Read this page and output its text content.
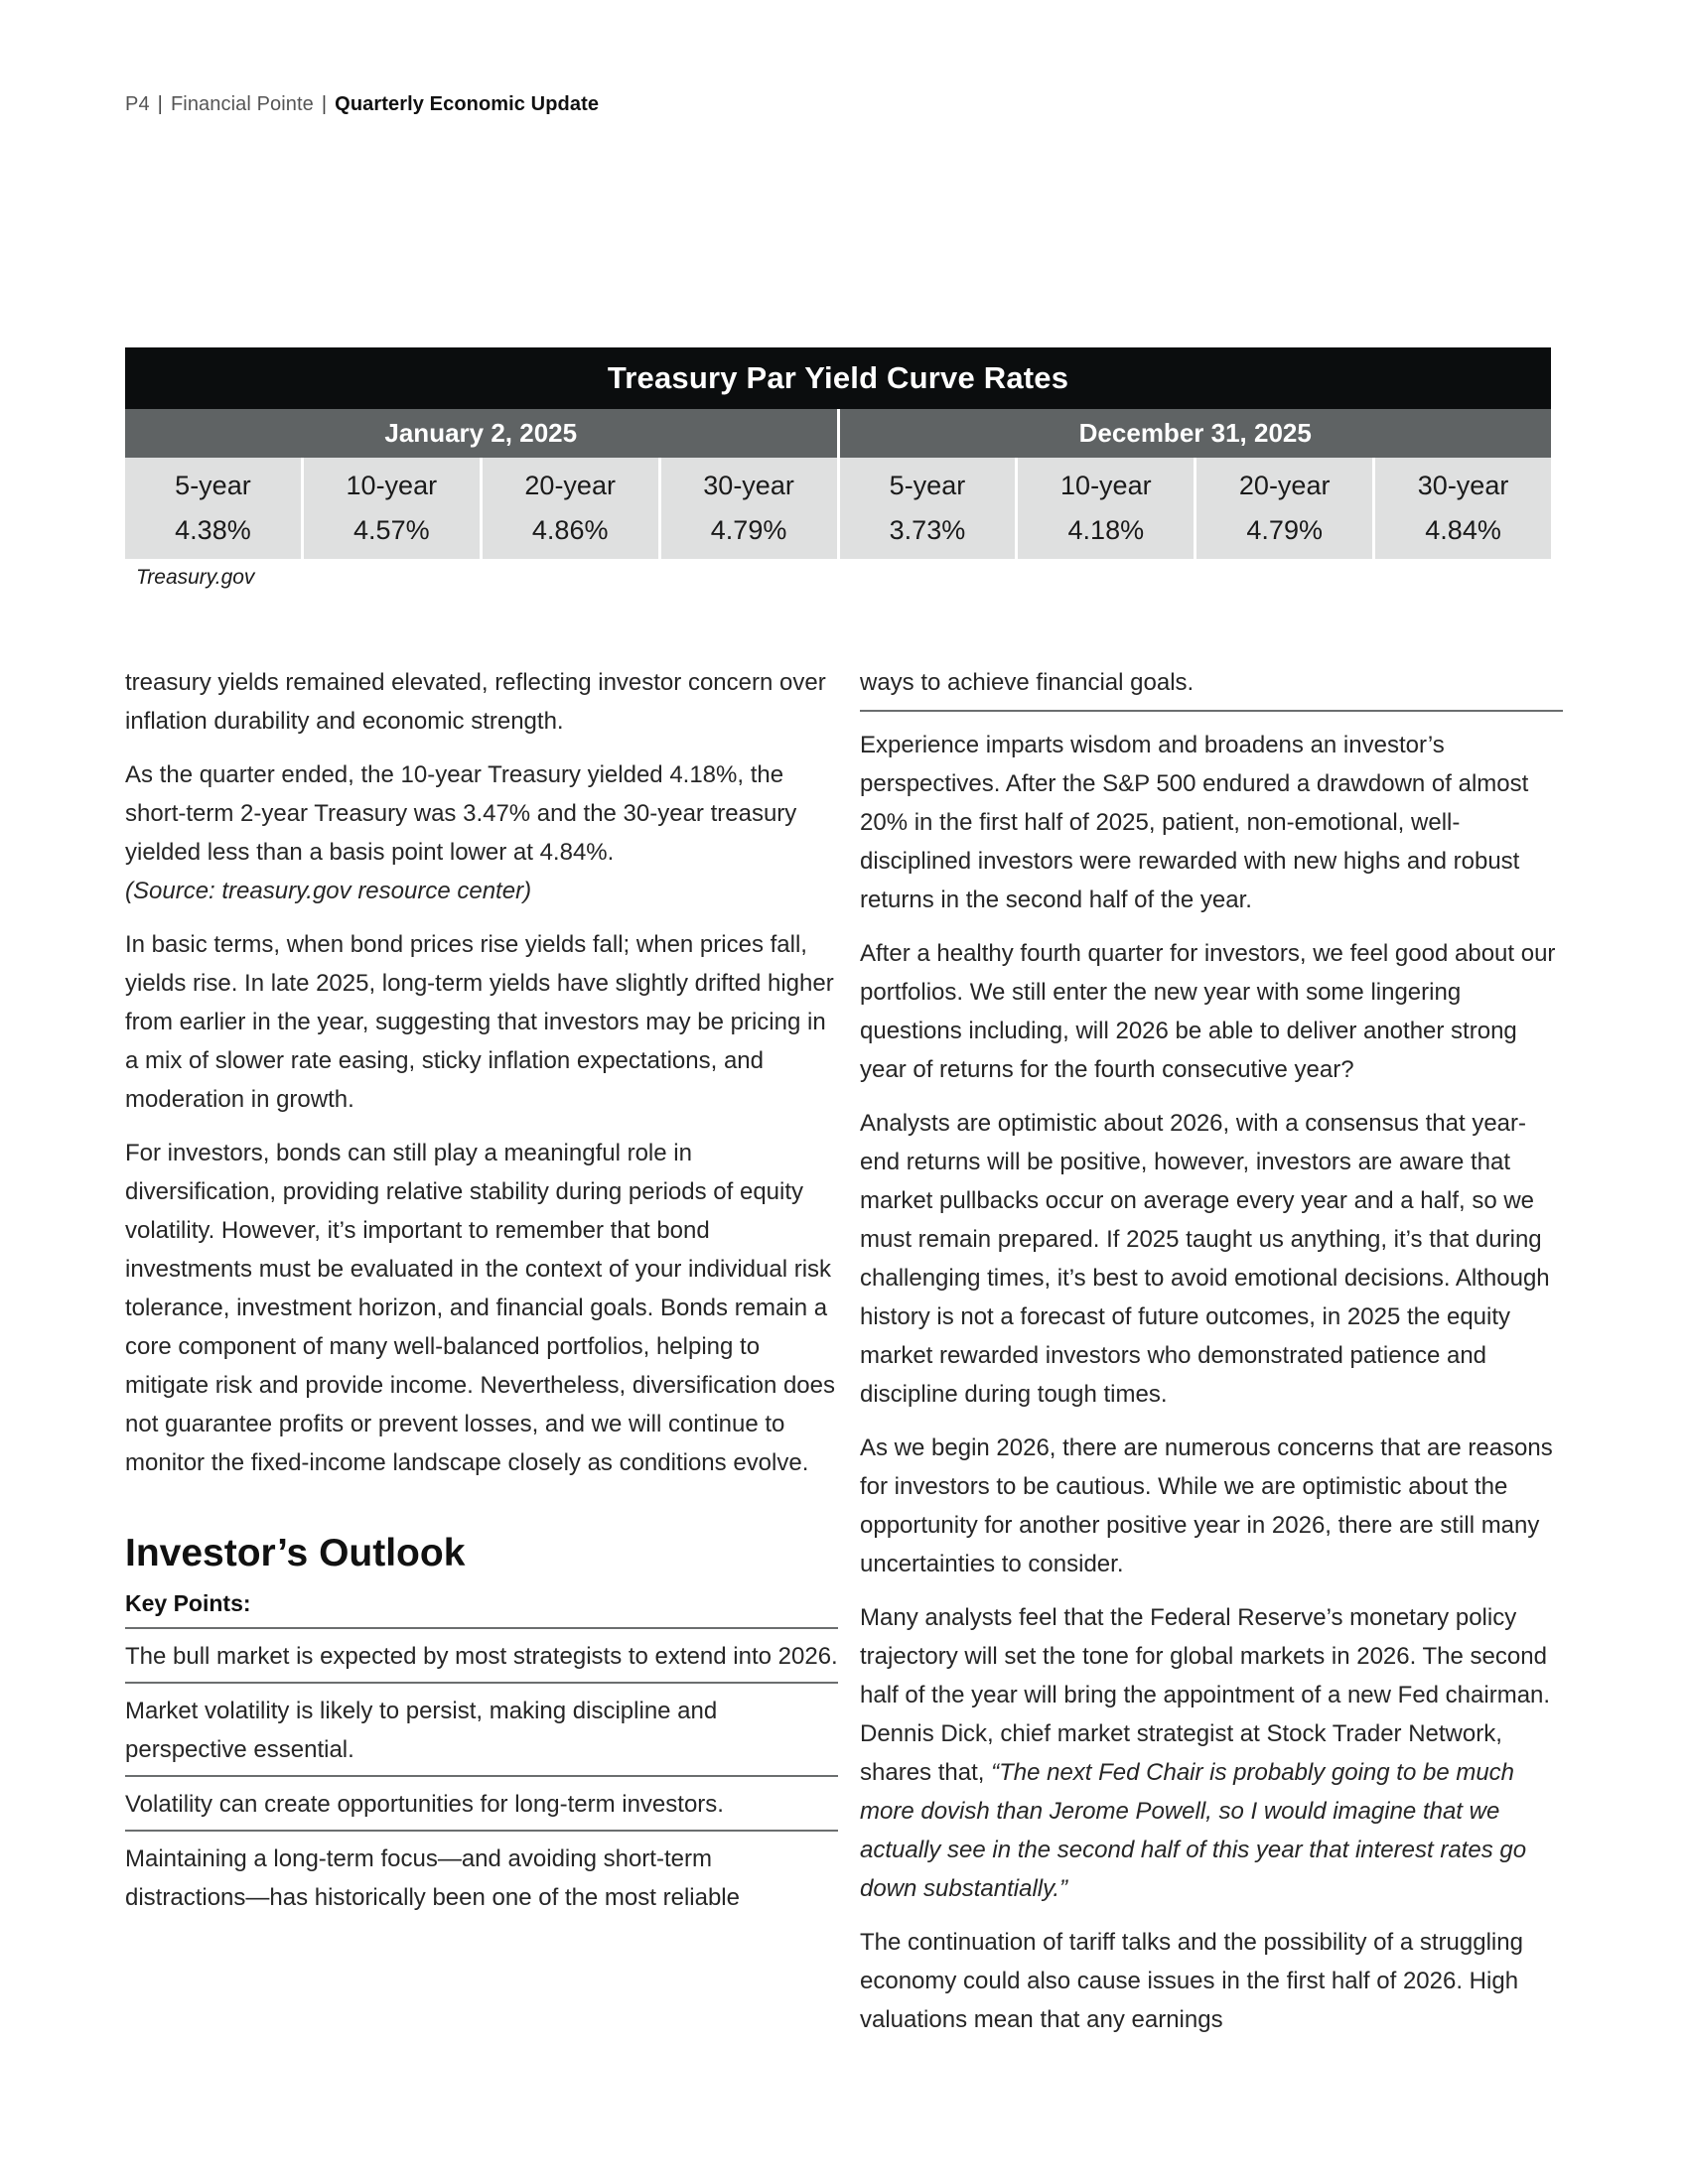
P4 | Financial Pointe | Quarterly Economic Update
Treasury Par Yield Curve Rates
January 2, 2025	December 31, 2025
5-year
4.38%
10-year
4.57%
20-year
4.86%
30-year
4.79%
5-year
3.73%
10-year
4.18%
20-year
4.79%
30-year
4.84%
Treasury.gov

treasury yields remained elevated, reflecting investor concern over inflation durability and economic strength.

As the quarter ended, the 10-year Treasury yielded 4.18%, the short-term 2-year Treasury was 3.47% and the 30-year treasury yielded less than a basis point lower at 4.84%.
(Source: treasury.gov resource center)

In basic terms, when bond prices rise yields fall; when prices fall, yields rise. In late 2025, long-term yields have slightly drifted higher from earlier in the year, suggesting that investors may be pricing in a mix of slower rate easing, sticky inflation expectations, and moderation in growth.

For investors, bonds can still play a meaningful role in diversification, providing relative stability during periods of equity volatility. However, it’s important to remember that bond investments must be evaluated in the context of your individual risk tolerance, investment horizon, and financial goals. Bonds remain a core component of many well-balanced portfolios, helping to mitigate risk and provide income. Nevertheless, diversification does not guarantee profits or prevent losses, and we will continue to monitor the fixed-income landscape closely as conditions evolve.

Investor’s Outlook
Key Points:
The bull market is expected by most strategists to extend into 2026.
Market volatility is likely to persist, making discipline and perspective essential.
Volatility can create opportunities for long-term investors.
Maintaining a long-term focus—and avoiding short-term distractions—has historically been one of the most reliable

ways to achieve financial goals.

Experience imparts wisdom and broadens an investor’s perspectives. After the S&P 500 endured a drawdown of almost 20% in the first half of 2025, patient, non-emotional, well-disciplined investors were rewarded with new highs and robust returns in the second half of the year.

After a healthy fourth quarter for investors, we feel good about our portfolios. We still enter the new year with some lingering questions including, will 2026 be able to deliver another strong year of returns for the fourth consecutive year?

Analysts are optimistic about 2026, with a consensus that year-end returns will be positive, however, investors are aware that market pullbacks occur on average every year and a half, so we must remain prepared. If 2025 taught us anything, it’s that during challenging times, it’s best to avoid emotional decisions. Although history is not a forecast of future outcomes, in 2025 the equity market rewarded investors who demonstrated patience and discipline during tough times.

As we begin 2026, there are numerous concerns that are reasons for investors to be cautious. While we are optimistic about the opportunity for another positive year in 2026, there are still many uncertainties to consider.

Many analysts feel that the Federal Reserve’s monetary policy trajectory will set the tone for global markets in 2026. The second half of the year will bring the appointment of a new Fed chairman. Dennis Dick, chief market strategist at Stock Trader Network, shares that, “The next Fed Chair is probably going to be much more dovish than Jerome Powell, so I would imagine that we actually see in the second half of this year that interest rates go down substantially.”

The continuation of tariff talks and the possibility of a struggling economy could also cause issues in the first half of 2026. High valuations mean that any earnings
